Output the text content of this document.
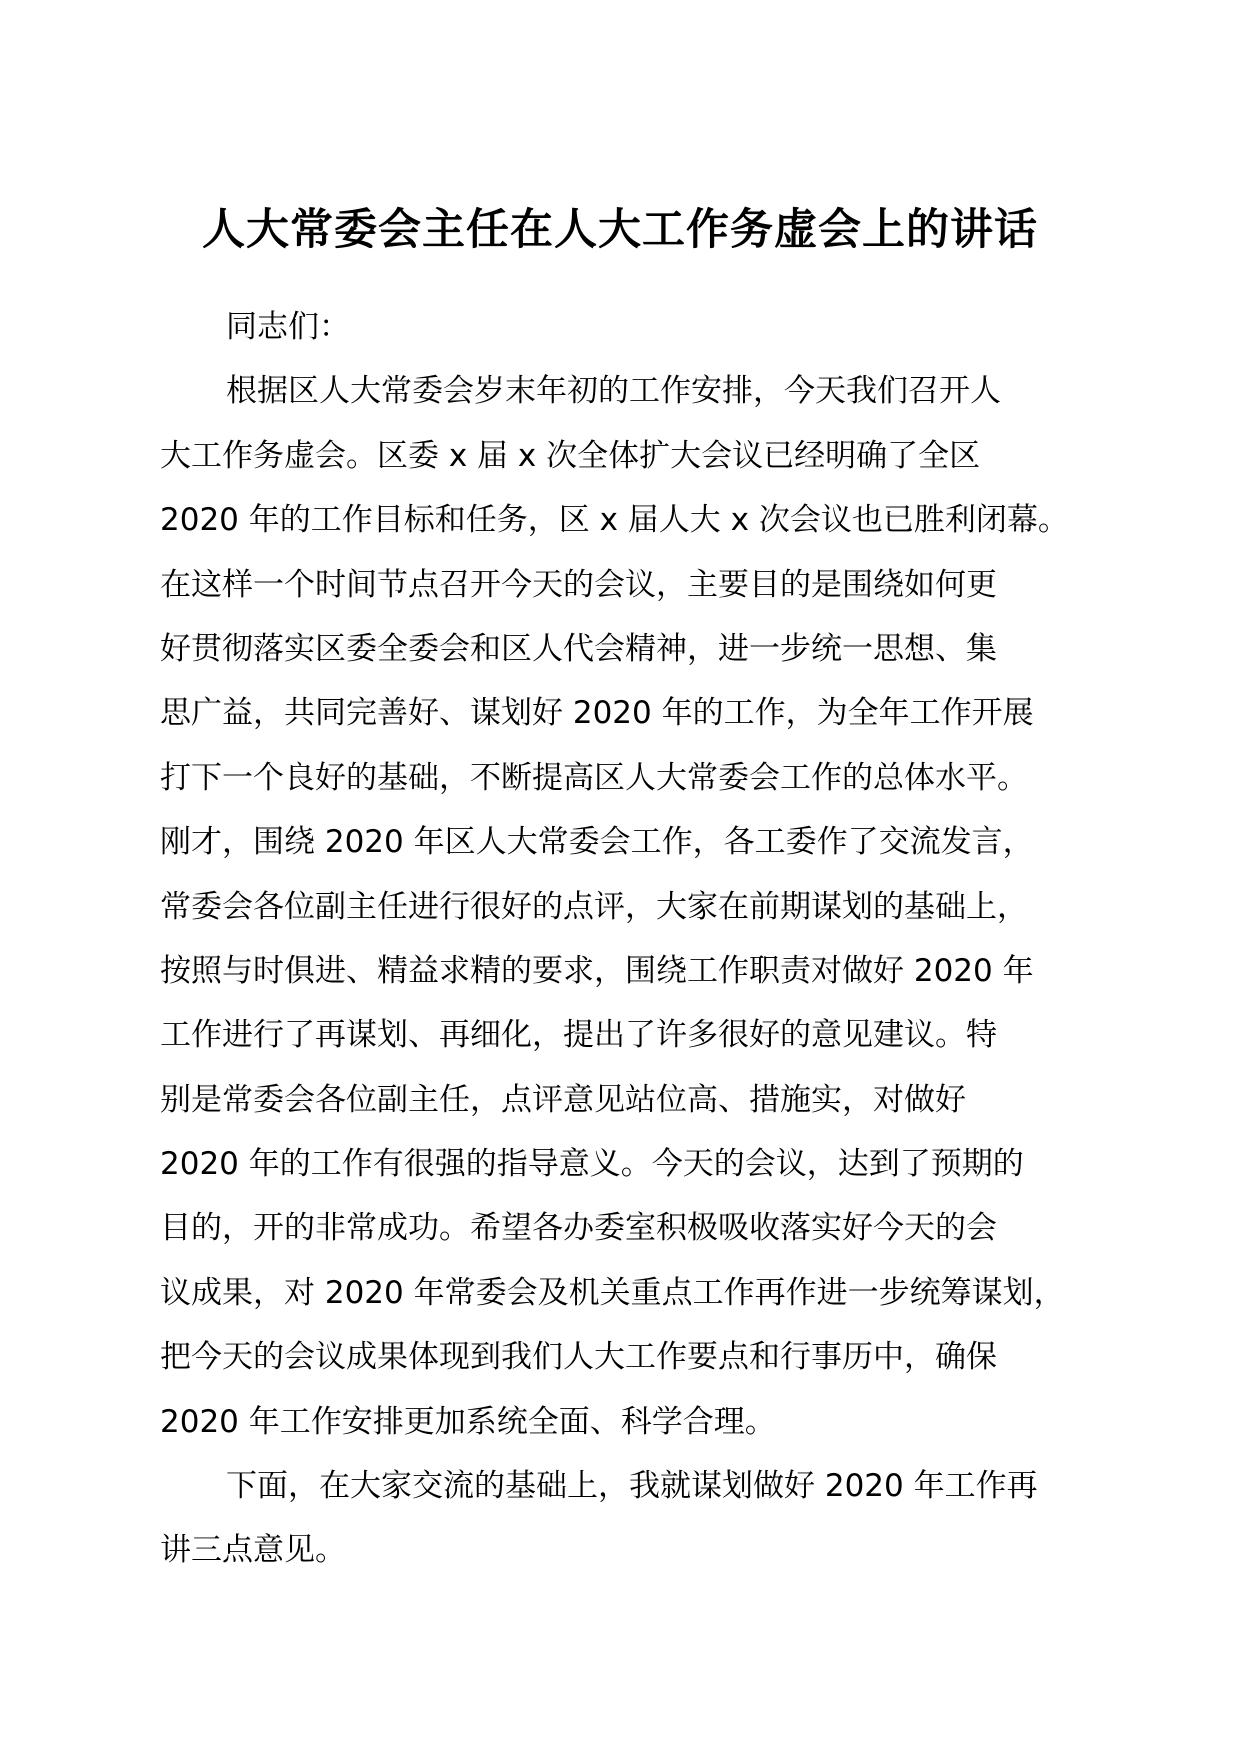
人大常委会主任在人大工作务虚会上的讲话
同志们：
根据区人大常委会岁末年初的工作安排，今天我们召开人
大工作务虚会。区委 x 届 x 次全体扩大会议已经明确了全区
2020 年的工作目标和任务，区 x 届人大 x 次会议也已胜利闭幕。
在这样一个时间节点召开今天的会议，主要目的是围绕如何更
好贯彻落实区委全委会和区人代会精神，进一步统一思想、集
思广益，共同完善好、谋划好 2020 年的工作，为全年工作开展
打下一个良好的基础，不断提高区人大常委会工作的总体水平。
刚才，围绕 2020 年区人大常委会工作，各工委作了交流发言，
常委会各位副主任进行很好的点评，大家在前期谋划的基础上，
按照与时俱进、精益求精的要求，围绕工作职责对做好 2020 年
工作进行了再谋划、再细化，提出了许多很好的意见建议。特
别是常委会各位副主任，点评意见站位高、措施实，对做好
2020 年的工作有很强的指导意义。今天的会议，达到了预期的
目的，开的非常成功。希望各办委室积极吸收落实好今天的会
议成果，对 2020 年常委会及机关重点工作再作进一步统筹谋划，
把今天的会议成果体现到我们人大工作要点和行事历中，确保
2020 年工作安排更加系统全面、科学合理。
下面，在大家交流的基础上，我就谋划做好 2020 年工作再
讲三点意见。
